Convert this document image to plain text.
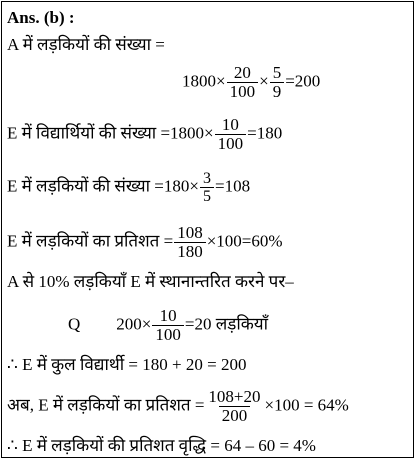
Ans. (b) :
A में लड़कियों की संख्या =
$1800\times \frac{20}{100} \times \frac{5}{9} =200$
E में विद्यार्थियों की संख्या $=1800\times \frac{10}{100} =180$
E में लड़कियों की संख्या $=180\times \frac{3}{5} =108$
E में लड़कियों का प्रतिशत = $\frac{108}{180} \times 100=60\%$
A से 10% लड़कियाँ E में स्थानान्तरित करने पर–
Q $200\times \frac{10}{100} =20$ लड़कियाँ
∴ E में कुल विद्यार्थी = 180 + 20 = 200
अब, E में लड़कियों का प्रतिशत = $\frac{108+20}{200} \times 100 = 64\%$
∴ E में लड़कियों की प्रतिशत वृद्धि = 64 – 60 = 4%
